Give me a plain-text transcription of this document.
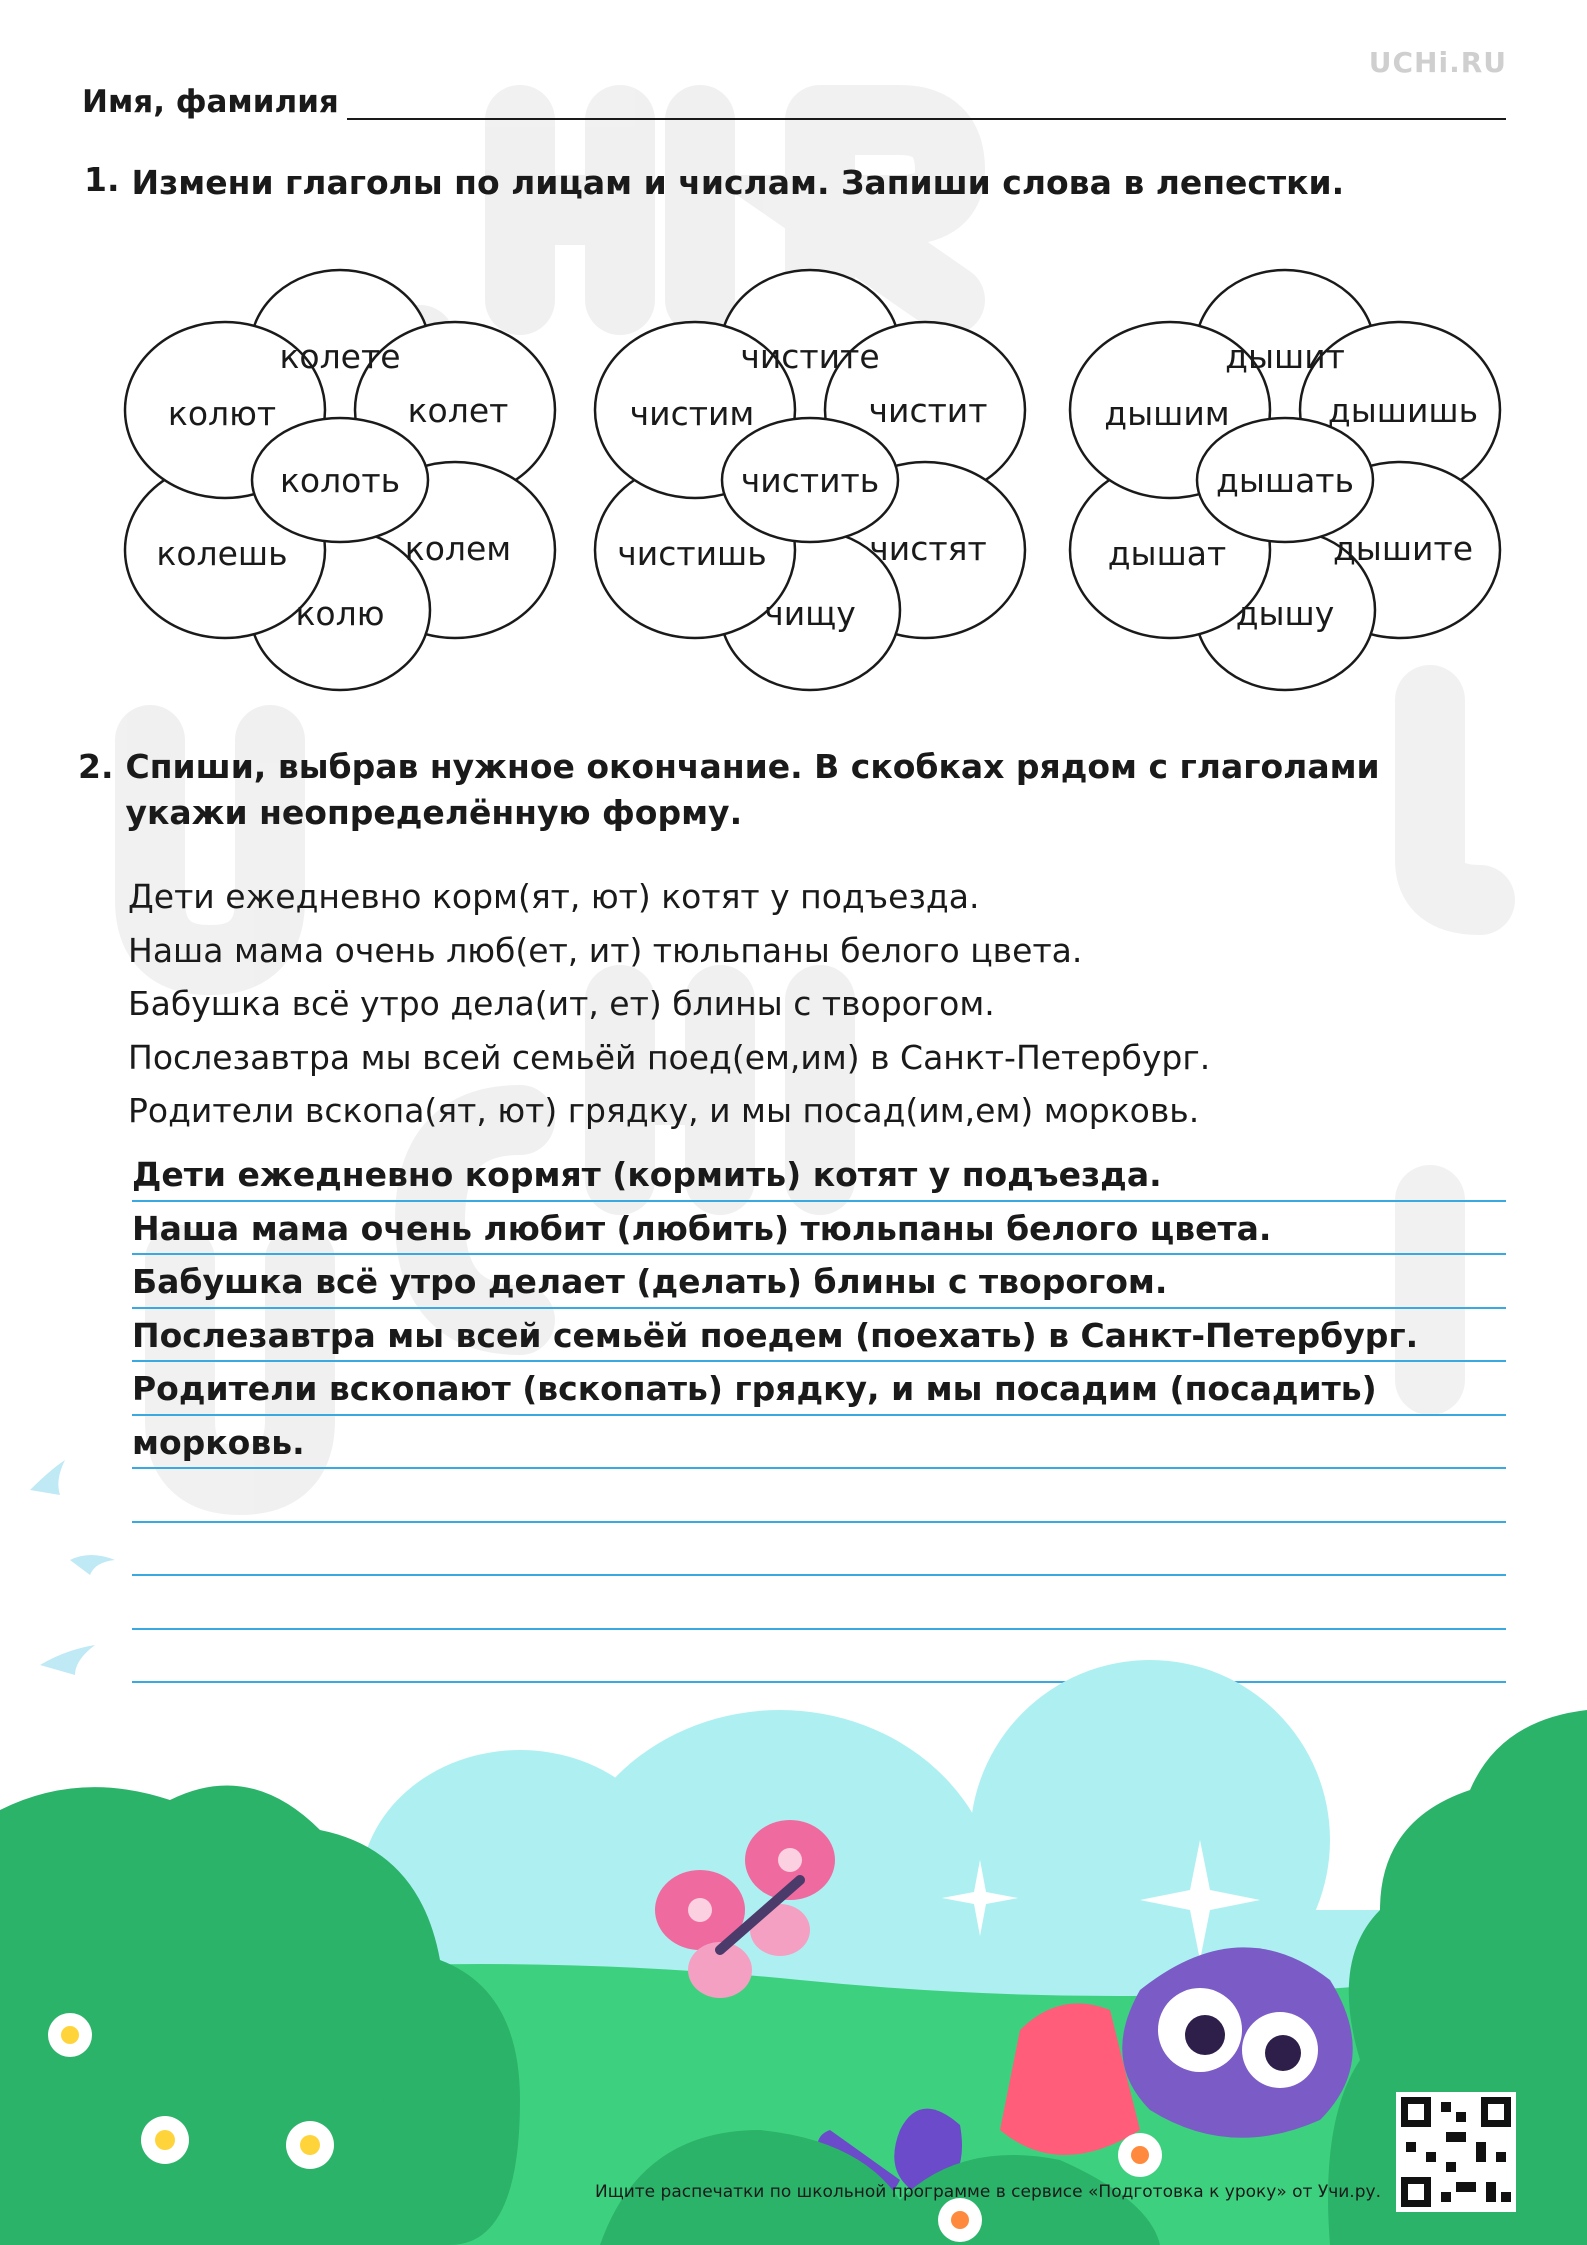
UCHi.RU
Имя, фамилия
1. Измени глаголы по лицам и числам. Запиши слова в лепестки.
колете
колет
колем
колю
колешь
колют
колоть
чистите
чистит
чистят
чищу
чистишь
чистим
чистить
дышит
дышишь
дышите
дышу
дышат
дышим
дышать
2. Спиши, выбрав нужное окончание. В скобках рядом с глаголами
укажи неопределённую форму.
Дети ежедневно корм(ят, ют) котят у подъезда.
Наша мама очень люб(ет, ит) тюльпаны белого цвета.
Бабушка всё утро дела(ит, ет) блины с творогом.
Послезавтра мы всей семьёй поед(ем,им) в Санкт-Петербург.
Родители вскопа(ят, ют) грядку, и мы посад(им,ем) морковь.
Дети ежедневно кормят (кормить) котят у подъезда.
Наша мама очень любит (любить) тюльпаны белого цвета.
Бабушка всё утро делает (делать) блины с творогом.
Послезавтра мы всей семьёй поедем (поехать) в Санкт-Петербург.
Родители вскопают (вскопать) грядку, и мы посадим (посадить)
морковь.
Ищите распечатки по школьной программе в сервисе «Подготовка к уроку» от Учи.ру.
